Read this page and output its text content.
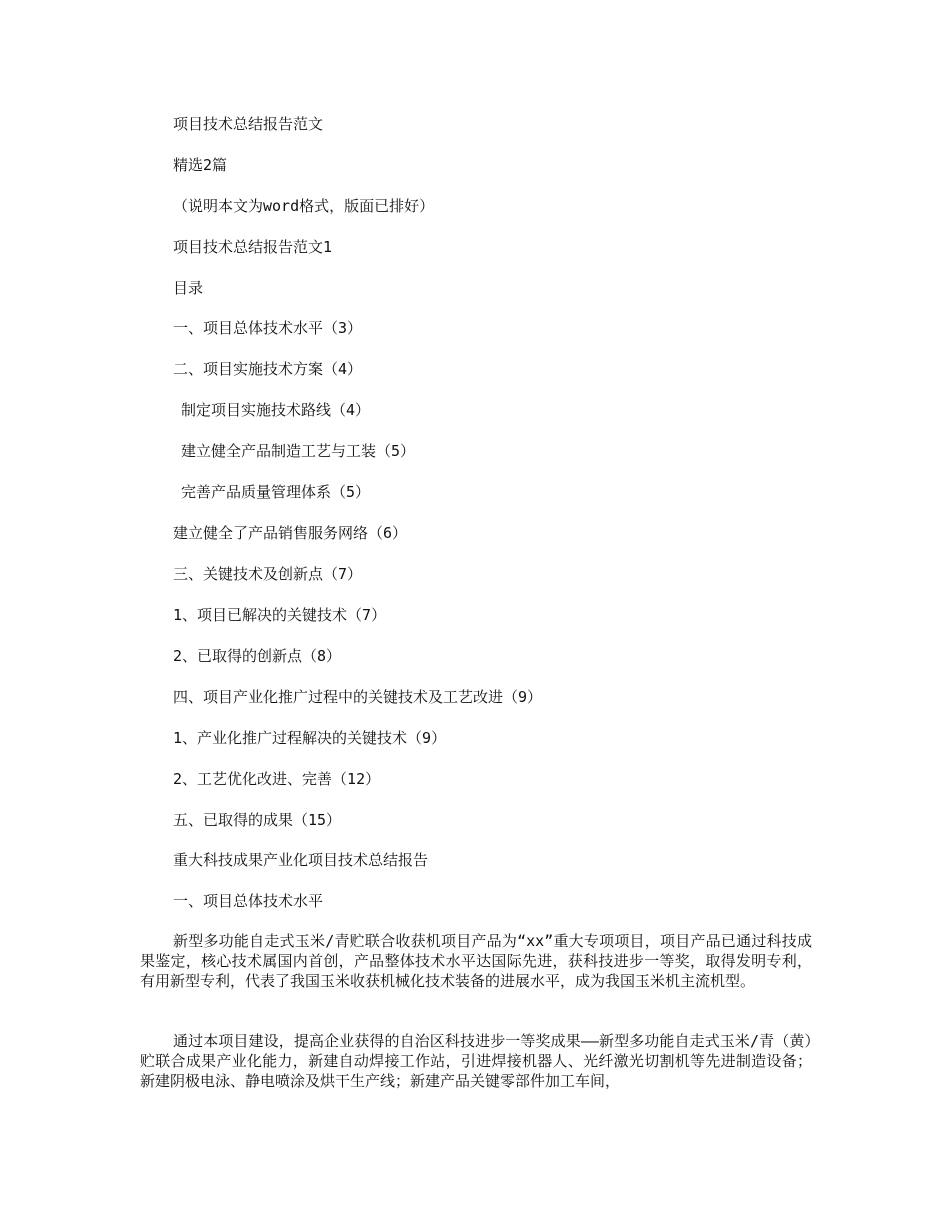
项目技术总结报告范文
精选2篇
（说明本文为word格式，版面已排好）
项目技术总结报告范文1
目录
一、项目总体技术水平（3）
二、项目实施技术方案（4）
制定项目实施技术路线（4）
建立健全产品制造工艺与工装（5）
完善产品质量管理体系（5）
建立健全了产品销售服务网络（6）
三、关键技术及创新点（7）
1、项目已解决的关键技术（7）
2、已取得的创新点（8）
四、项目产业化推广过程中的关键技术及工艺改进（9）
1、产业化推广过程解决的关键技术（9）
2、工艺优化改进、完善（12）
五、已取得的成果（15）
重大科技成果产业化项目技术总结报告
一、项目总体技术水平
新型多功能自走式玉米/青贮联合收获机项目产品为“xx”重大专项项目，项目产品已通过科技成果鉴定，核心技术属国内首创，产品整体技术水平达国际先进，获科技进步一等奖，取得发明专利，有用新型专利，代表了我国玉米收获机械化技术装备的进展水平，成为我国玉米机主流机型。
通过本项目建设，提高企业获得的自治区科技进步一等奖成果——新型多功能自走式玉米/青（黄）贮联合成果产业化能力，新建自动焊接工作站，引进焊接机器人、光纤激光切割机等先进制造设备；新建阴极电泳、静电喷涂及烘干生产线；新建产品关键零部件加工车间，
